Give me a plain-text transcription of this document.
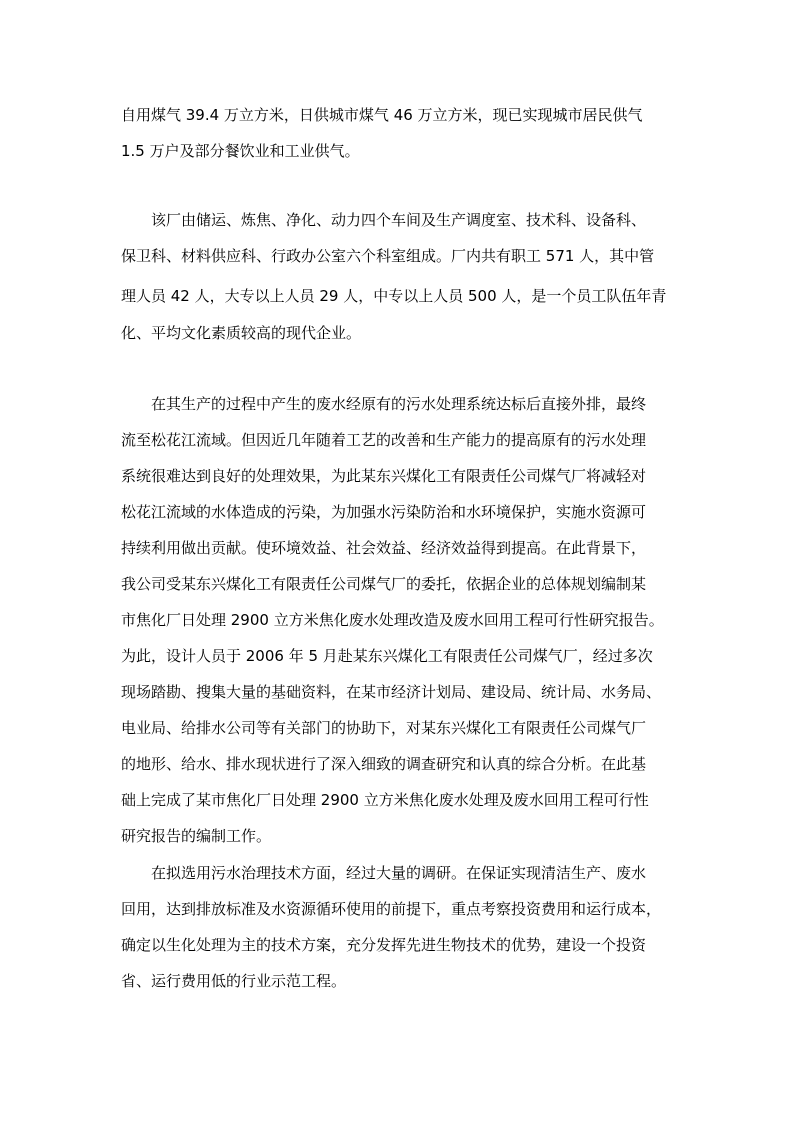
自用煤气 39.4 万立方米，日供城市煤气 46 万立方米，现已实现城市居民供气
1.5 万户及部分餐饮业和工业供气。
该厂由储运、炼焦、净化、动力四个车间及生产调度室、技术科、设备科、
保卫科、材料供应科、行政办公室六个科室组成。厂内共有职工 571 人，其中管
理人员 42 人，大专以上人员 29 人，中专以上人员 500 人，是一个员工队伍年青
化、平均文化素质较高的现代企业。
在其生产的过程中产生的废水经原有的污水处理系统达标后直接外排，最终
流至松花江流域。但因近几年随着工艺的改善和生产能力的提高原有的污水处理
系统很难达到良好的处理效果，为此某东兴煤化工有限责任公司煤气厂将减轻对
松花江流域的水体造成的污染，为加强水污染防治和水环境保护，实施水资源可
持续利用做出贡献。使环境效益、社会效益、经济效益得到提高。在此背景下，
我公司受某东兴煤化工有限责任公司煤气厂的委托，依据企业的总体规划编制某
市焦化厂日处理 2900 立方米焦化废水处理改造及废水回用工程可行性研究报告。
为此，设计人员于 2006 年 5 月赴某东兴煤化工有限责任公司煤气厂，经过多次
现场踏勘、搜集大量的基础资料，在某市经济计划局、建设局、统计局、水务局、
电业局、给排水公司等有关部门的协助下，对某东兴煤化工有限责任公司煤气厂
的地形、给水、排水现状进行了深入细致的调查研究和认真的综合分析。在此基
础上完成了某市焦化厂日处理 2900 立方米焦化废水处理及废水回用工程可行性
研究报告的编制工作。
在拟选用污水治理技术方面，经过大量的调研。在保证实现清洁生产、废水
回用，达到排放标准及水资源循环使用的前提下，重点考察投资费用和运行成本，
确定以生化处理为主的技术方案，充分发挥先进生物技术的优势，建设一个投资
省、运行费用低的行业示范工程。
